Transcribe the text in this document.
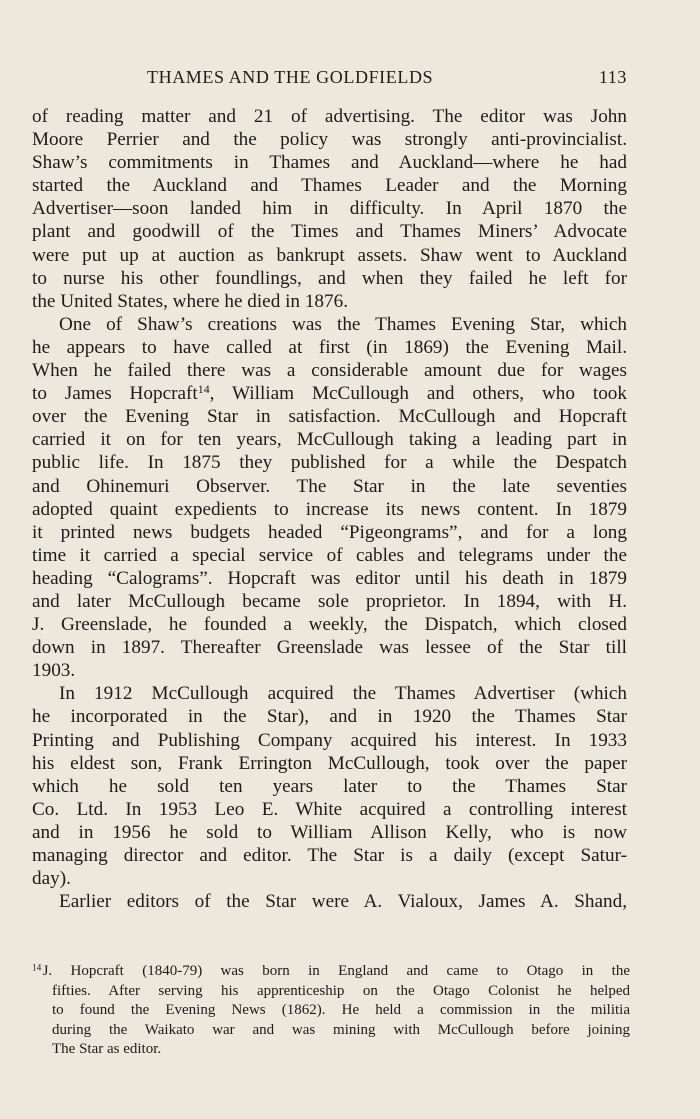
THAMES AND THE GOLDFIELDS	113
of reading matter and 21 of advertising. The editor was John
Moore Perrier and the policy was strongly anti-provincialist.
Shaw’s commitments in Thames and Auckland—where he had
started the Auckland and Thames Leader and the Morning
Advertiser—soon landed him in difficulty. In April 1870 the
plant and goodwill of the Times and Thames Miners’ Advocate
were put up at auction as bankrupt assets. Shaw went to Auckland
to nurse his other foundlings, and when they failed he left for
the United States, where he died in 1876.
One of Shaw’s creations was the Thames Evening Star, which
he appears to have called at first (in 1869) the Evening Mail.
When he failed there was a considerable amount due for wages
to James Hopcraft$^{14}$, William McCullough and others, who took
over the Evening Star in satisfaction. McCullough and Hopcraft
carried it on for ten years, McCullough taking a leading part in
public life. In 1875 they published for a while the Despatch
and Ohinemuri Observer. The Star in the late seventies
adopted quaint expedients to increase its news content. In 1879
it printed news budgets headed “Pigeongrams”, and for a long
time it carried a special service of cables and telegrams under the
heading “Calograms”. Hopcraft was editor until his death in 1879
and later McCullough became sole proprietor. In 1894, with H.
J. Greenslade, he founded a weekly, the Dispatch, which closed
down in 1897. Thereafter Greenslade was lessee of the Star till
1903.
In 1912 McCullough acquired the Thames Advertiser (which
he incorporated in the Star), and in 1920 the Thames Star
Printing and Publishing Company acquired his interest. In 1933
his eldest son, Frank Errington McCullough, took over the paper
which he sold ten years later to the Thames Star
Co. Ltd. In 1953 Leo E. White acquired a controlling interest
and in 1956 he sold to William Allison Kelly, who is now
managing director and editor. The Star is a daily (except Satur-
day).
Earlier editors of the Star were A. Vialoux, James A. Shand,
$^{14}$ J. Hopcraft (1840-79) was born in England and came to Otago in the
fifties. After serving his apprenticeship on the Otago Colonist he helped
to found the Evening News (1862). He held a commission in the militia
during the Waikato war and was mining with McCullough before joining
The Star as editor.
